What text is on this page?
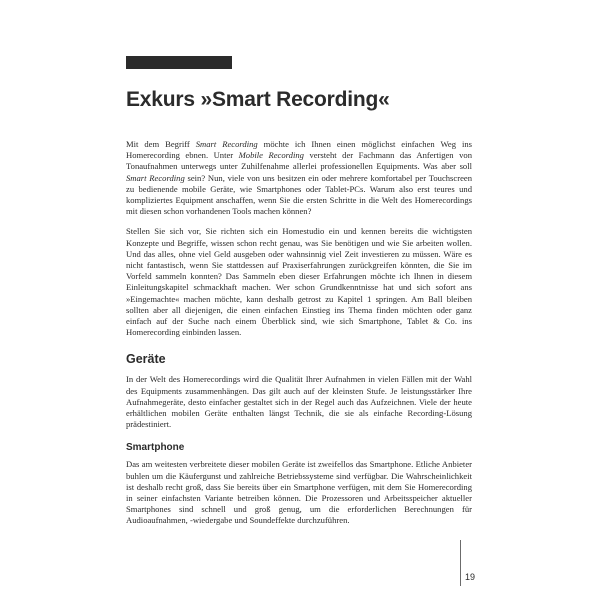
Exkurs »Smart Recording«

Mit dem Begriff Smart Recording möchte ich Ihnen einen möglichst einfachen Weg ins Homerecording ebnen. Unter Mobile Recording versteht der Fachmann das Anfertigen von Tonaufnahmen unterwegs unter Zuhilfenahme allerlei professionellen Equipments. Was aber soll Smart Recording sein? Nun, viele von uns besitzen ein oder mehrere komfortabel per Touchscreen zu bedienende mobile Geräte, wie Smartphones oder Tablet-PCs. Warum also erst teures und kompliziertes Equipment anschaffen, wenn Sie die ersten Schritte in die Welt des Homerecordings mit diesen schon vorhandenen Tools machen können?

Stellen Sie sich vor, Sie richten sich ein Homestudio ein und kennen bereits die wichtigsten Konzepte und Begriffe, wissen schon recht genau, was Sie benötigen und wie Sie arbeiten wollen. Und das alles, ohne viel Geld ausgeben oder wahnsinnig viel Zeit investieren zu müssen. Wäre es nicht fantastisch, wenn Sie stattdessen auf Praxiserfahrungen zurückgreifen könnten, die Sie im Vorfeld sammeln konnten? Das Sammeln eben dieser Erfahrungen möchte ich Ihnen in diesem Einleitungskapitel schmackhaft machen. Wer schon Grundkenntnisse hat und sich sofort ans »Eingemachte« machen möchte, kann deshalb getrost zu Kapitel 1 springen. Am Ball bleiben sollten aber all diejenigen, die einen einfachen Einstieg ins Thema finden möchten oder ganz einfach auf der Suche nach einem Überblick sind, wie sich Smartphone, Tablet & Co. ins Homerecording einbinden lassen.

Geräte

In der Welt des Homerecordings wird die Qualität Ihrer Aufnahmen in vielen Fällen mit der Wahl des Equipments zusammenhängen. Das gilt auch auf der kleinsten Stufe. Je leistungsstärker Ihre Aufnahmegeräte, desto einfacher gestaltet sich in der Regel auch das Aufzeichnen. Viele der heute erhältlichen mobilen Geräte enthalten längst Technik, die sie als einfache Recording-Lösung prädestiniert.

Smartphone

Das am weitesten verbreitete dieser mobilen Geräte ist zweifellos das Smartphone. Etliche Anbieter buhlen um die Käufergunst und zahlreiche Betriebssysteme sind verfügbar. Die Wahrscheinlichkeit ist deshalb recht groß, dass Sie bereits über ein Smartphone verfügen, mit dem Sie Homerecording in seiner einfachsten Variante betreiben können. Die Prozessoren und Arbeitsspeicher aktueller Smartphones sind schnell und groß genug, um die erforderlichen Berechnungen für Audioaufnahmen, -wiedergabe und Soundeffekte durchzuführen.

19
